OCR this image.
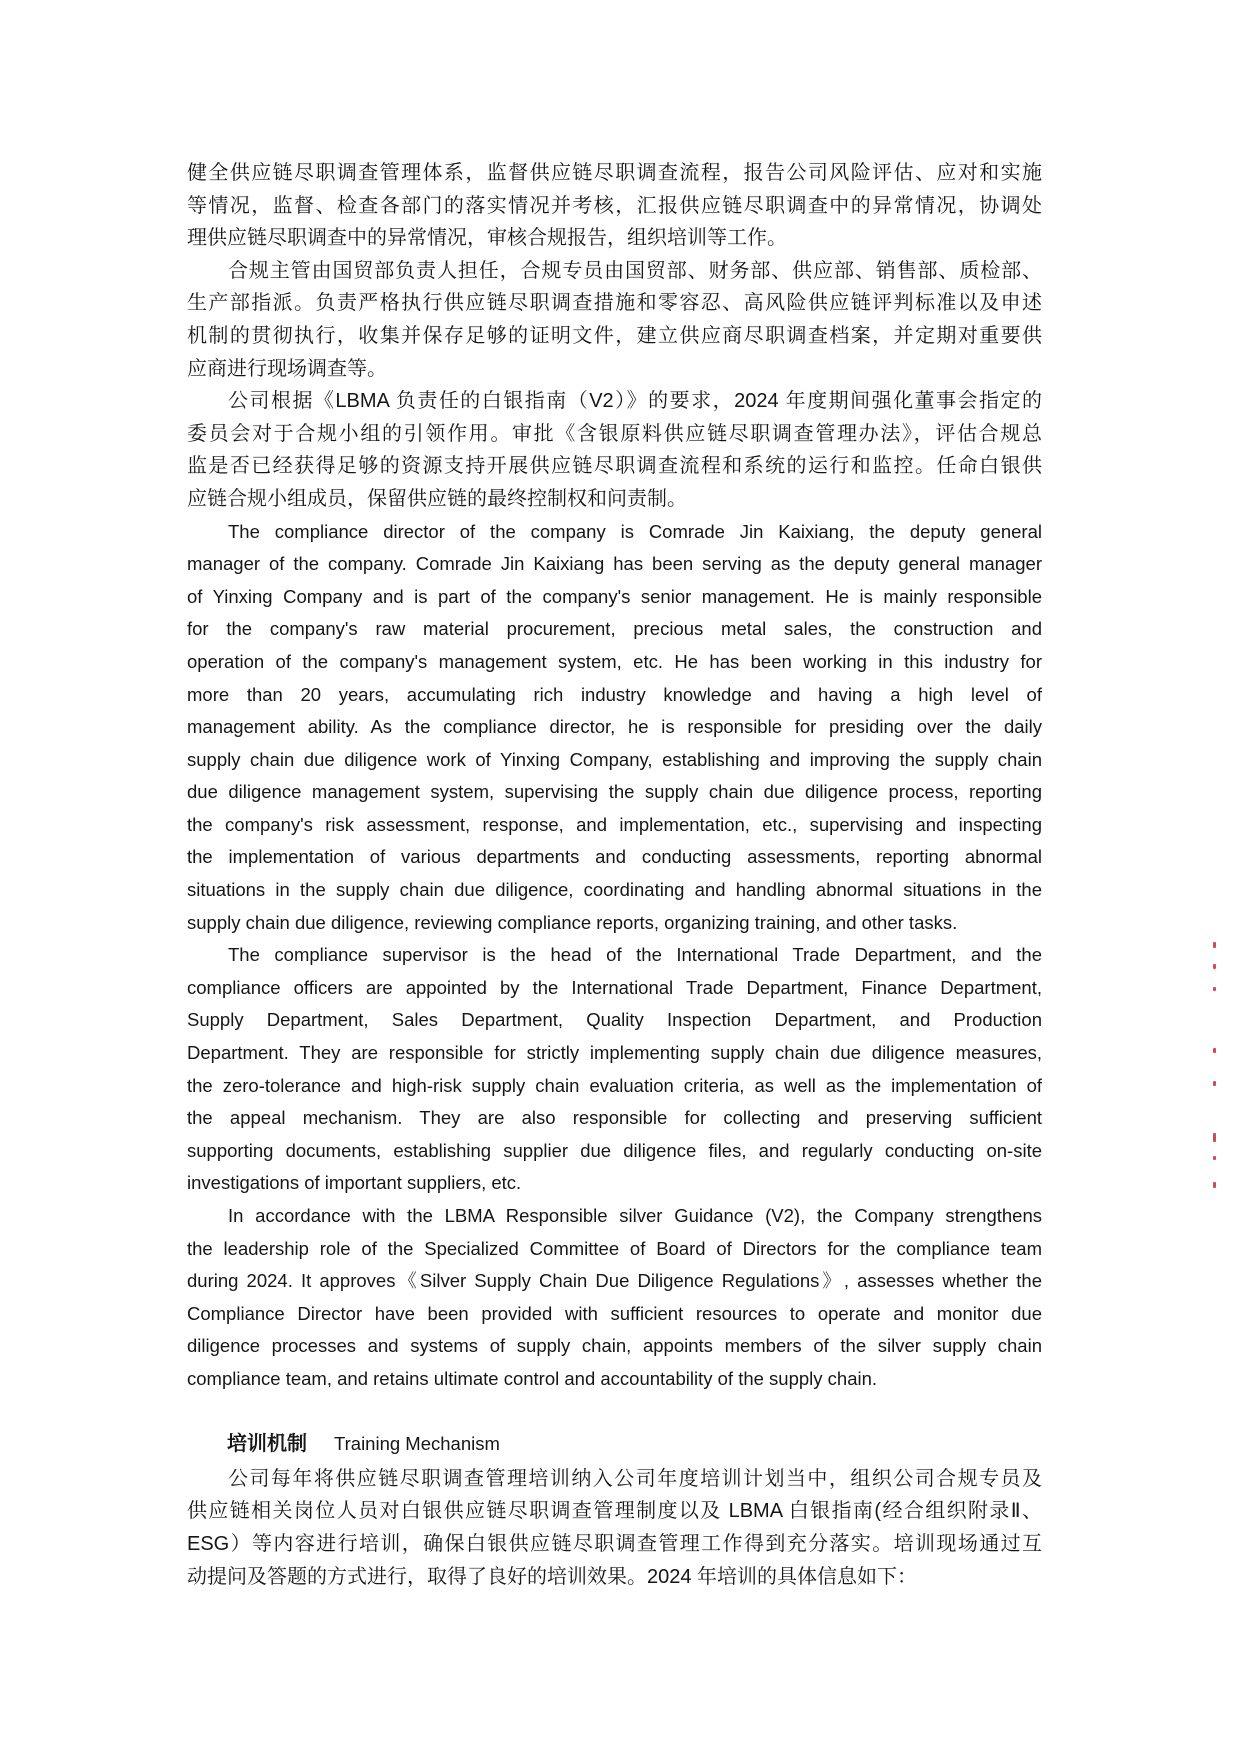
健全供应链尽职调查管理体系，监督供应链尽职调查流程，报告公司风险评估、应对和实施
等情况，监督、检查各部门的落实情况并考核，汇报供应链尽职调查中的异常情况，协调处
理供应链尽职调查中的异常情况，审核合规报告，组织培训等工作。
合规主管由国贸部负责人担任，合规专员由国贸部、财务部、供应部、销售部、质检部、
生产部指派。负责严格执行供应链尽职调查措施和零容忍、高风险供应链评判标准以及申述
机制的贯彻执行，收集并保存足够的证明文件，建立供应商尽职调查档案，并定期对重要供
应商进行现场调查等。
公司根据《LBMA 负责任的白银指南（V2）》的要求，2024 年度期间强化董事会指定的
委员会对于合规小组的引领作用。审批《含银原料供应链尽职调查管理办法》，评估合规总
监是否已经获得足够的资源支持开展供应链尽职调查流程和系统的运行和监控。任命白银供
应链合规小组成员，保留供应链的最终控制权和问责制。
The compliance director of the company is Comrade Jin Kaixiang, the deputy general
manager of the company. Comrade Jin Kaixiang has been serving as the deputy general manager
of Yinxing Company and is part of the company's senior management. He is mainly responsible
for the company's raw material procurement, precious metal sales, the construction and
operation of the company's management system, etc. He has been working in this industry for
more than 20 years, accumulating rich industry knowledge and having a high level of
management ability. As the compliance director, he is responsible for presiding over the daily
supply chain due diligence work of Yinxing Company, establishing and improving the supply chain
due diligence management system, supervising the supply chain due diligence process, reporting
the company's risk assessment, response, and implementation, etc., supervising and inspecting
the implementation of various departments and conducting assessments, reporting abnormal
situations in the supply chain due diligence, coordinating and handling abnormal situations in the
supply chain due diligence, reviewing compliance reports, organizing training, and other tasks.
The compliance supervisor is the head of the International Trade Department, and the
compliance officers are appointed by the International Trade Department, Finance Department,
Supply Department, Sales Department, Quality Inspection Department, and Production
Department. They are responsible for strictly implementing supply chain due diligence measures,
the zero-tolerance and high-risk supply chain evaluation criteria, as well as the implementation of
the appeal mechanism. They are also responsible for collecting and preserving sufficient
supporting documents, establishing supplier due diligence files, and regularly conducting on-site
investigations of important suppliers, etc.
In accordance with the LBMA Responsible silver Guidance (V2), the Company strengthens
the leadership role of the Specialized Committee of Board of Directors for the compliance team
during 2024. It approves《Silver Supply Chain Due Diligence Regulations》, assesses whether the
Compliance Director have been provided with sufficient resources to operate and monitor due
diligence processes and systems of supply chain, appoints members of the silver supply chain
compliance team, and retains ultimate control and accountability of the supply chain.
培训机制 Training Mechanism
公司每年将供应链尽职调查管理培训纳入公司年度培训计划当中，组织公司合规专员及
供应链相关岗位人员对白银供应链尽职调查管理制度以及 LBMA 白银指南(经合组织附录Ⅱ、
ESG）等内容进行培训，确保白银供应链尽职调查管理工作得到充分落实。培训现场通过互
动提问及答题的方式进行，取得了良好的培训效果。2024 年培训的具体信息如下：
